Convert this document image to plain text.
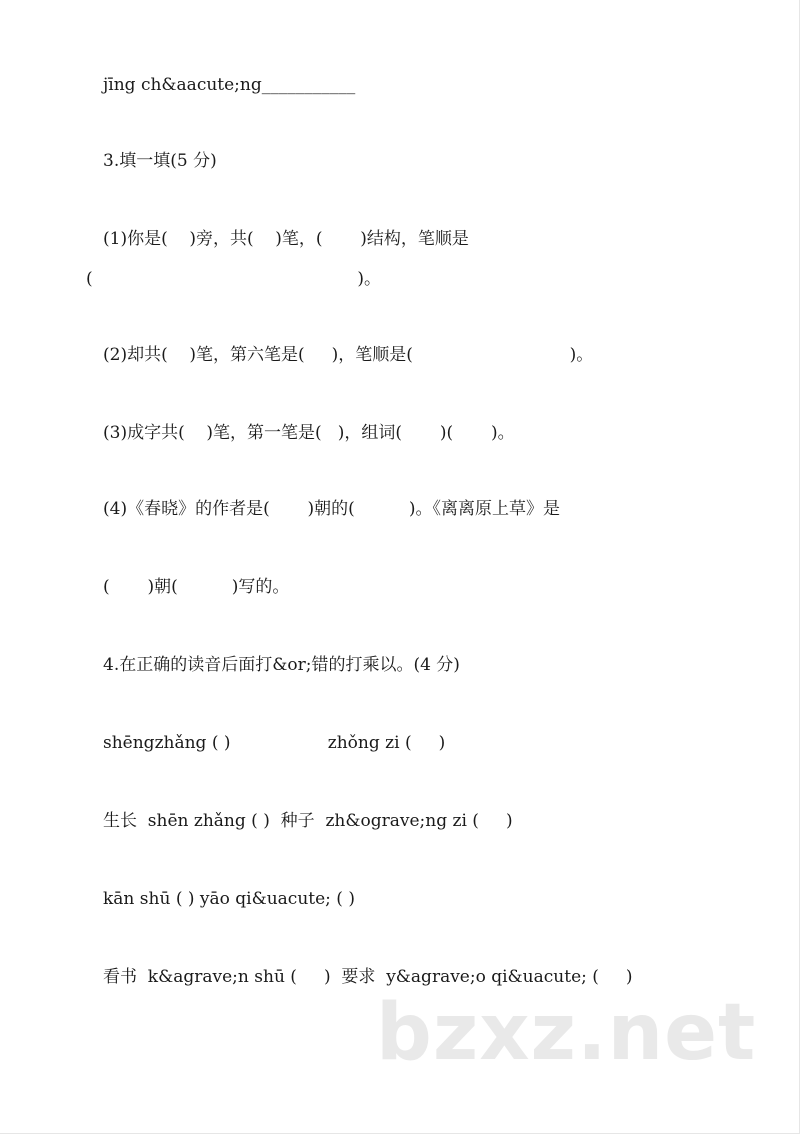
jīng ch&aacute;ng___________

3.填一填(5 分)

(1)你是(    )旁，共(    )笔，(       )结构，笔顺是

(                                                 )。

(2)却共(    )笔，第六笔是(     )，笔顺是(                             )。

(3)成字共(    )笔，第一笔是(   )，组词(       )(       )。

(4)《春晓》的作者是(       )朝的(          )。《离离原上草》是

(       )朝(          )写的。

4.在正确的读音后面打&or;错的打乘以。(4 分)

shēngzhǎng ( )                  zhǒng zi (     )

生长  shēn zhǎng ( )  种子  zh&ograve;ng zi (     )

kān shū ( ) yāo qi&uacute; ( )

看书  k&agrave;n shū (     )  要求  y&agrave;o qi&uacute; (     )

bzxz.net
